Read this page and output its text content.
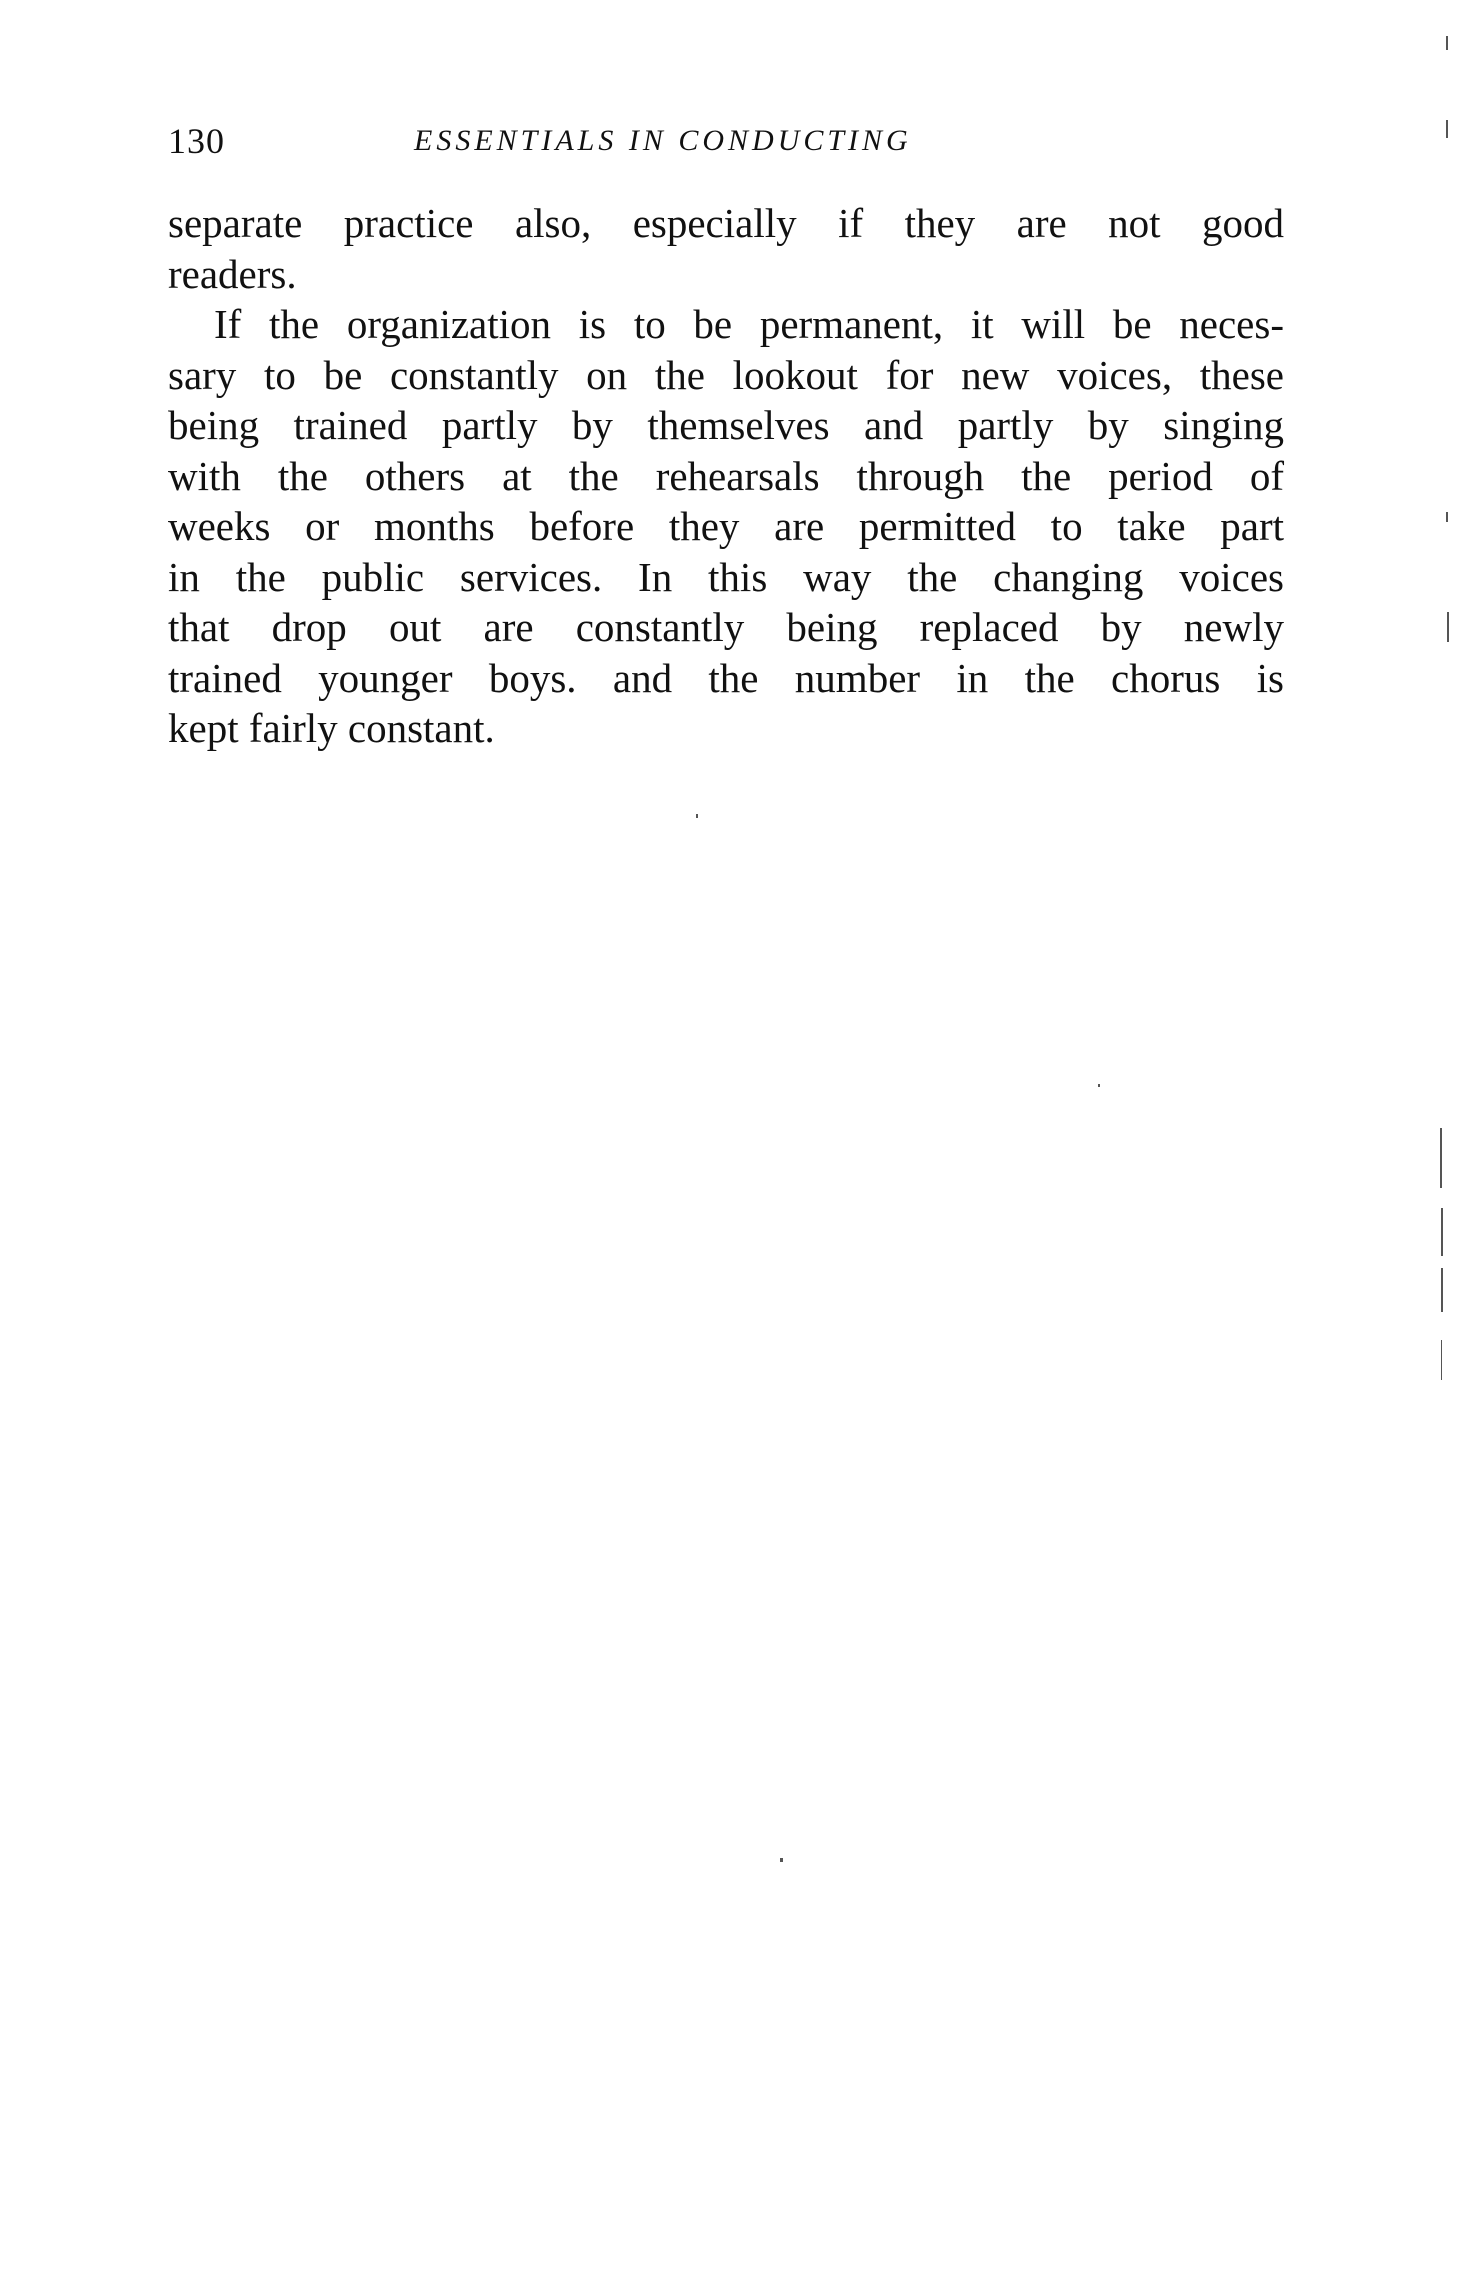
130	ESSENTIALS IN CONDUCTING

separate practice also, especially if they are not good
readers.

If the organization is to be permanent, it will be neces-
sary to be constantly on the lookout for new voices, these
being trained partly by themselves and partly by singing
with the others at the rehearsals through the period of
weeks or months before they are permitted to take part
in the public services. In this way the changing voices
that drop out are constantly being replaced by newly
trained younger boys. and the number in the chorus is
kept fairly constant.
